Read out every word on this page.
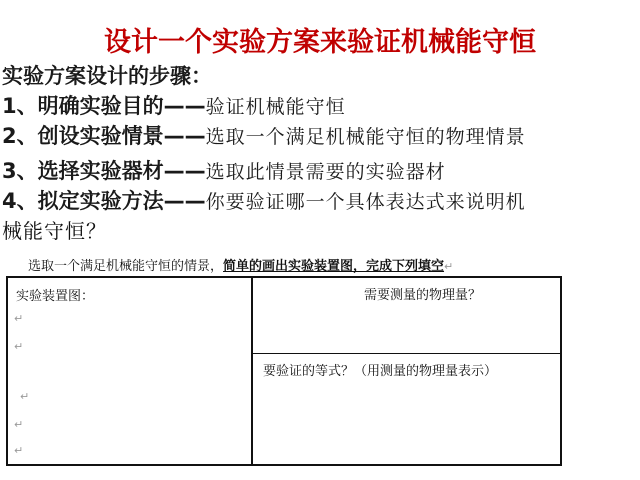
设计一个实验方案来验证机械能守恒
实验方案设计的步骤：
1、明确实验目的——验证机械能守恒
2、创设实验情景——选取一个满足机械能守恒的物理情景
3、选择实验器材——选取此情景需要的实验器材
4、拟定实验方法——你要验证哪一个具体表达式来说明机
械能守恒？
选取一个满足机械能守恒的情景，简单的画出实验装置图，完成下列填空↵
实验装置图：	需要测量的物理量？
要验证的等式？（用测量的物理量表示）
↵
↵
↵
↵
↵
